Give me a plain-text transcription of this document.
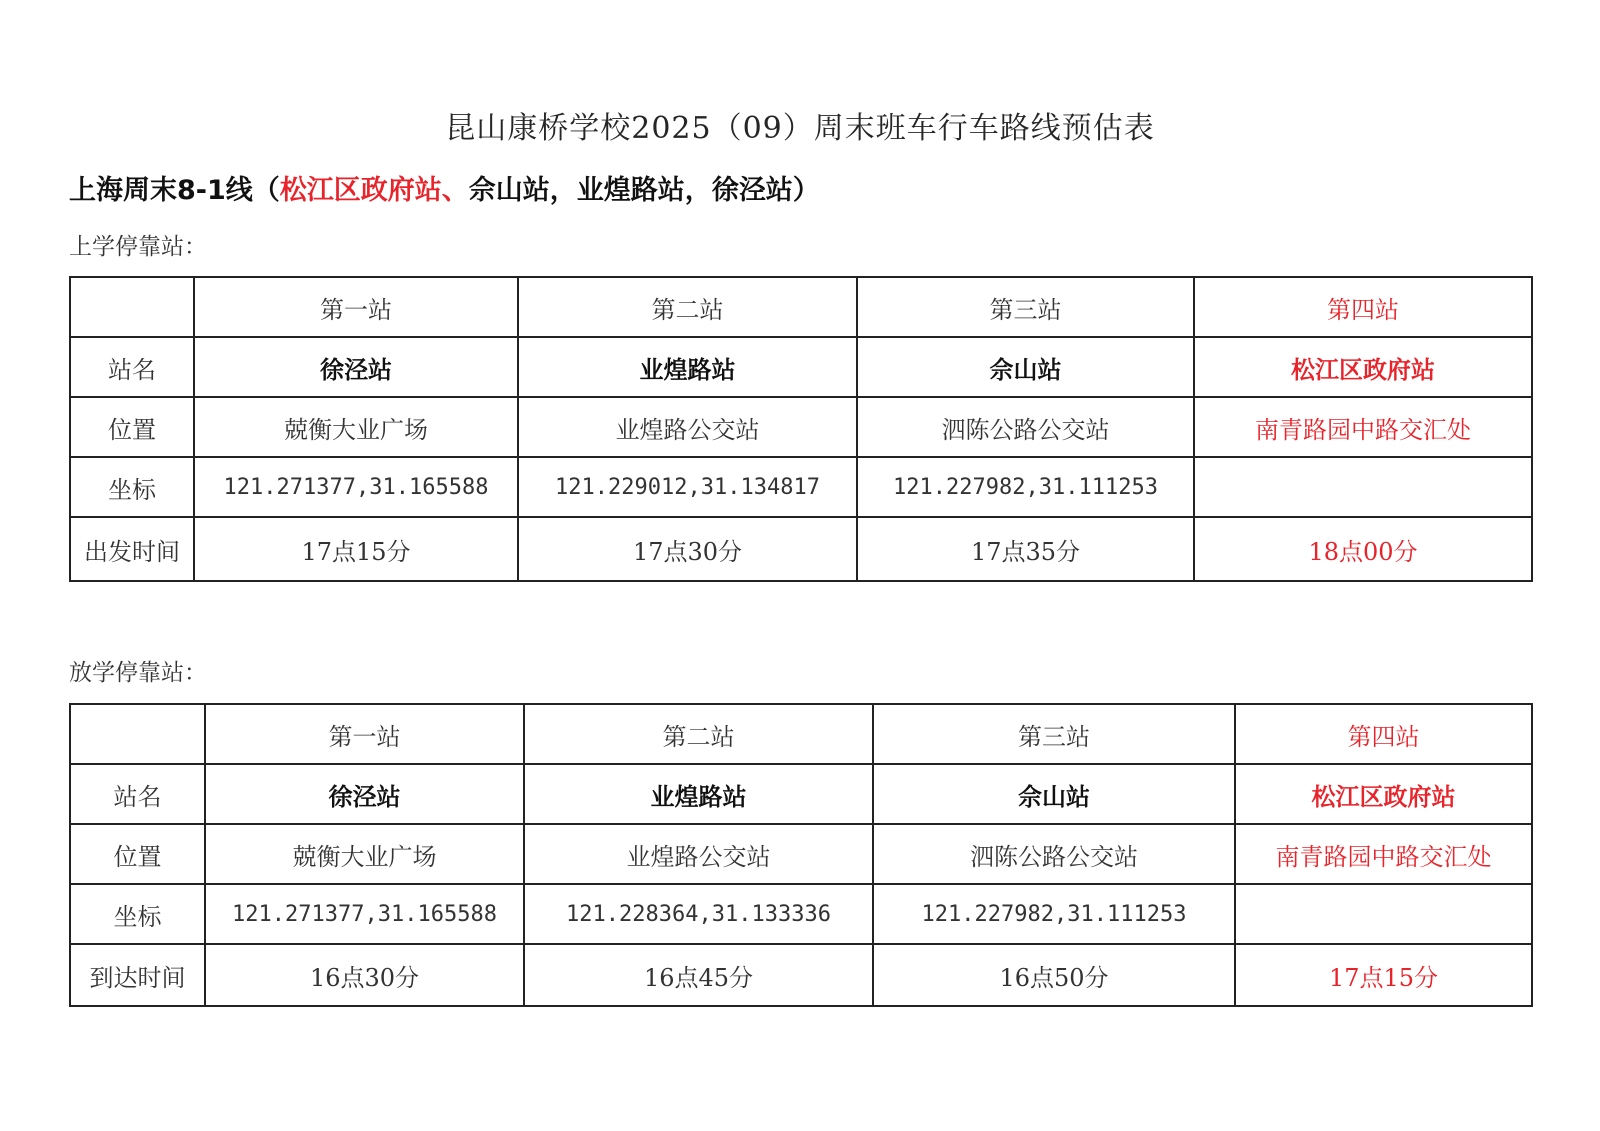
昆山康桥学校2025（09）周末班车行车路线预估表
上海周末8-1线（松江区政府站、佘山站，业煌路站，徐泾站）
上学停靠站：
	第一站	第二站	第三站	第四站
站名	徐泾站	业煌路站	佘山站	松江区政府站
位置	兢衡大业广场	业煌路公交站	泗陈公路公交站	南青路园中路交汇处
坐标	121.271377,31.165588	121.229012,31.134817	121.227982,31.111253	
出发时间	17点15分	17点30分	17点35分	18点00分
放学停靠站：
	第一站	第二站	第三站	第四站
站名	徐泾站	业煌路站	佘山站	松江区政府站
位置	兢衡大业广场	业煌路公交站	泗陈公路公交站	南青路园中路交汇处
坐标	121.271377,31.165588	121.228364,31.133336	121.227982,31.111253	
到达时间	16点30分	16点45分	16点50分	17点15分
